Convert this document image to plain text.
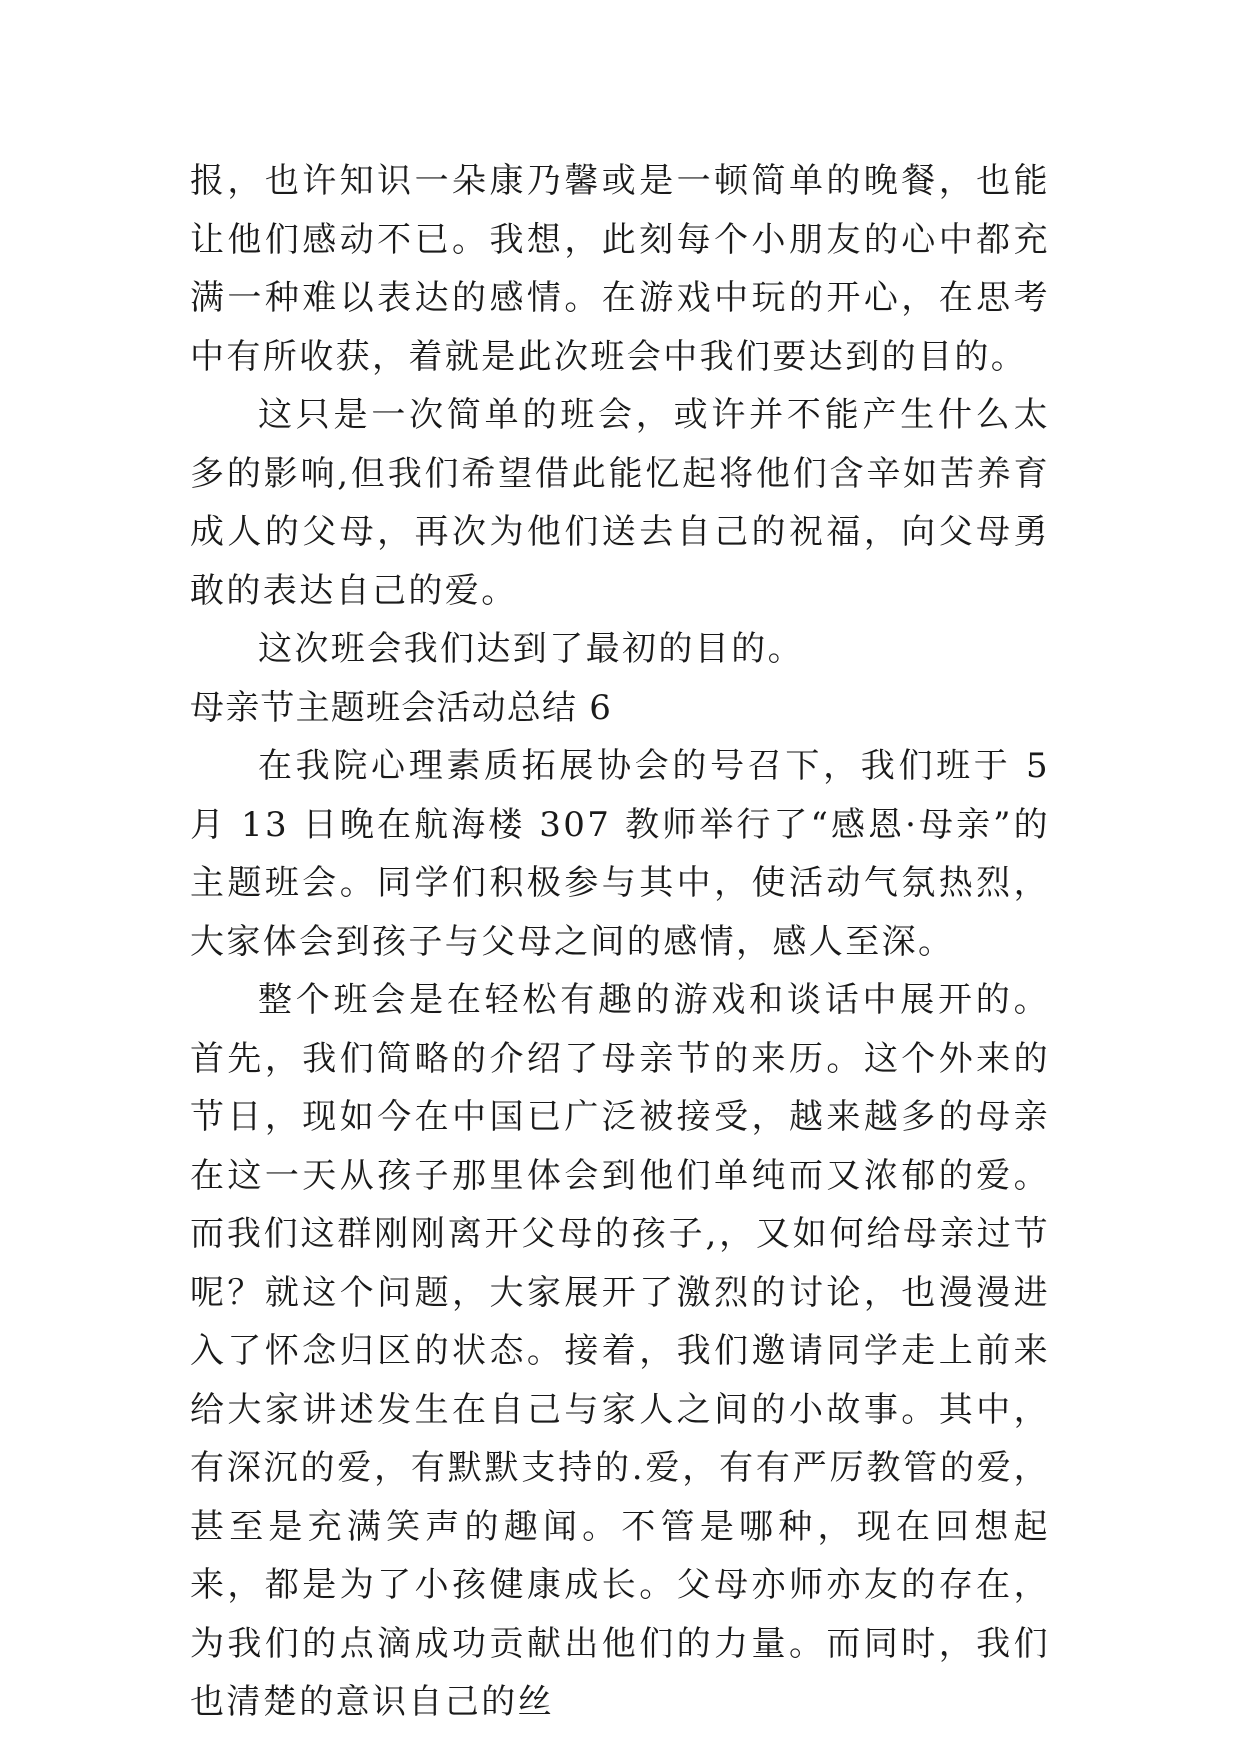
报，也许知识一朵康乃馨或是一顿简单的晚餐，也能让他们感动不已。我想，此刻每个小朋友的心中都充满一种难以表达的感情。在游戏中玩的开心，在思考中有所收获，着就是此次班会中我们要达到的目的。

这只是一次简单的班会，或许并不能产生什么太多的影响,但我们希望借此能忆起将他们含辛如苦养育成人的父母，再次为他们送去自己的祝福，向父母勇敢的表达自己的爱。

这次班会我们达到了最初的目的。

母亲节主题班会活动总结 6

在我院心理素质拓展协会的号召下，我们班于 5 月 13 日晚在航海楼 307 教师举行了“感恩·母亲”的主题班会。同学们积极参与其中，使活动气氛热烈，大家体会到孩子与父母之间的感情，感人至深。

整个班会是在轻松有趣的游戏和谈话中展开的。首先，我们简略的介绍了母亲节的来历。这个外来的节日，现如今在中国已广泛被接受，越来越多的母亲在这一天从孩子那里体会到他们单纯而又浓郁的爱。而我们这群刚刚离开父母的孩子,，又如何给母亲过节呢？就这个问题，大家展开了激烈的讨论，也漫漫进入了怀念归区的状态。接着，我们邀请同学走上前来给大家讲述发生在自己与家人之间的小故事。其中，有深沉的爱，有默默支持的.爱，有有严厉教管的爱，甚至是充满笑声的趣闻。不管是哪种，现在回想起来，都是为了小孩健康成长。父母亦师亦友的存在，为我们的点滴成功贡献出他们的力量。而同时，我们也清楚的意识自己的丝
